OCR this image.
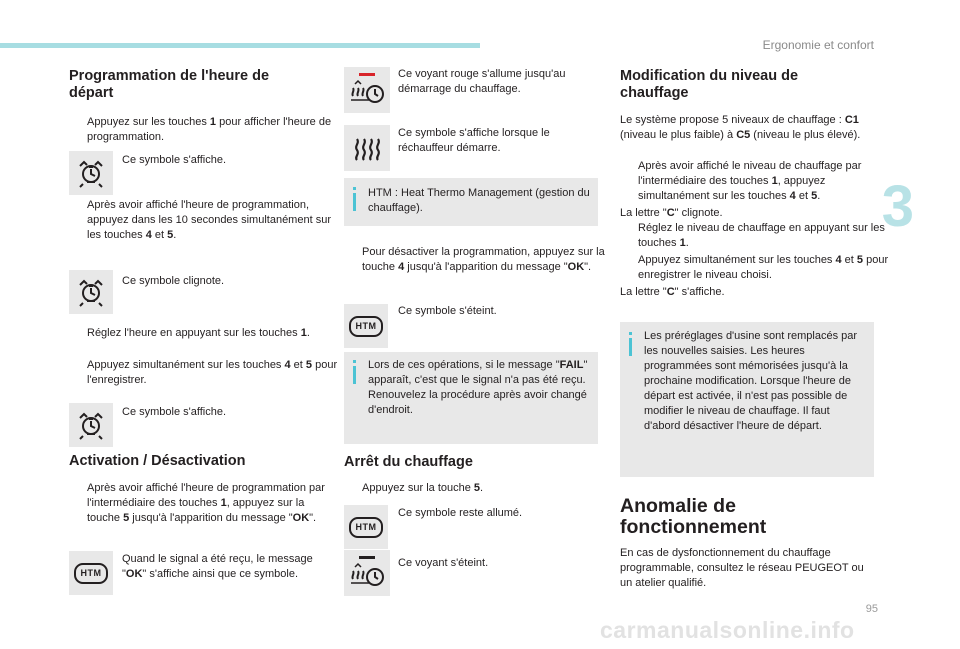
Ergonomie et confort
3
Programmation de l'heure de départ
Appuyez sur les touches 1 pour afficher l'heure de programmation.
Ce symbole s'affiche.
Après avoir affiché l'heure de programmation, appuyez dans les 10 secondes simultanément sur les touches 4 et 5.
Ce symbole clignote.
Réglez l'heure en appuyant sur les touches 1.
Appuyez simultanément sur les touches 4 et 5 pour l'enregistrer.
Ce symbole s'affiche.
Activation / Désactivation
Après avoir affiché l'heure de programmation par l'intermédiaire des touches 1, appuyez sur la touche 5 jusqu'à l'apparition du message "OK".
HTM
Quand le signal a été reçu, le message "OK" s'affiche ainsi que ce symbole.
Ce voyant rouge s'allume jusqu'au démarrage du chauffage.
Ce symbole s'affiche lorsque le réchauffeur démarre.
HTM : Heat Thermo Management (gestion du chauffage).
Pour désactiver la programmation, appuyez sur la touche 4 jusqu'à l'apparition du message "OK".
HTM
Ce symbole s'éteint.
Lors de ces opérations, si le message "FAIL" apparaît, c'est que le signal n'a pas été reçu. Renouvelez la procédure après avoir changé d'endroit.
Arrêt du chauffage
Appuyez sur la touche 5.
HTM
Ce symbole reste allumé.
Ce voyant s'éteint.
Modification du niveau de chauffage
Le système propose 5 niveaux de chauffage : C1 (niveau le plus faible) à C5 (niveau le plus élevé).
Après avoir affiché le niveau de chauffage par l'intermédiaire des touches 1, appuyez simultanément sur les touches 4 et 5.
La lettre "C" clignote.
Réglez le niveau de chauffage en appuyant sur les touches 1.
Appuyez simultanément sur les touches 4 et 5 pour enregistrer le niveau choisi.
La lettre "C" s'affiche.
Les préréglages d'usine sont remplacés par les nouvelles saisies. Les heures programmées sont mémorisées jusqu'à la prochaine modification. Lorsque l'heure de départ est activée, il n'est pas possible de modifier le niveau de chauffage. Il faut d'abord désactiver l'heure de départ.
Anomalie de fonctionnement
En cas de dysfonctionnement du chauffage programmable, consultez le réseau PEUGEOT ou un atelier qualifié.
95
carmanualsonline.info
